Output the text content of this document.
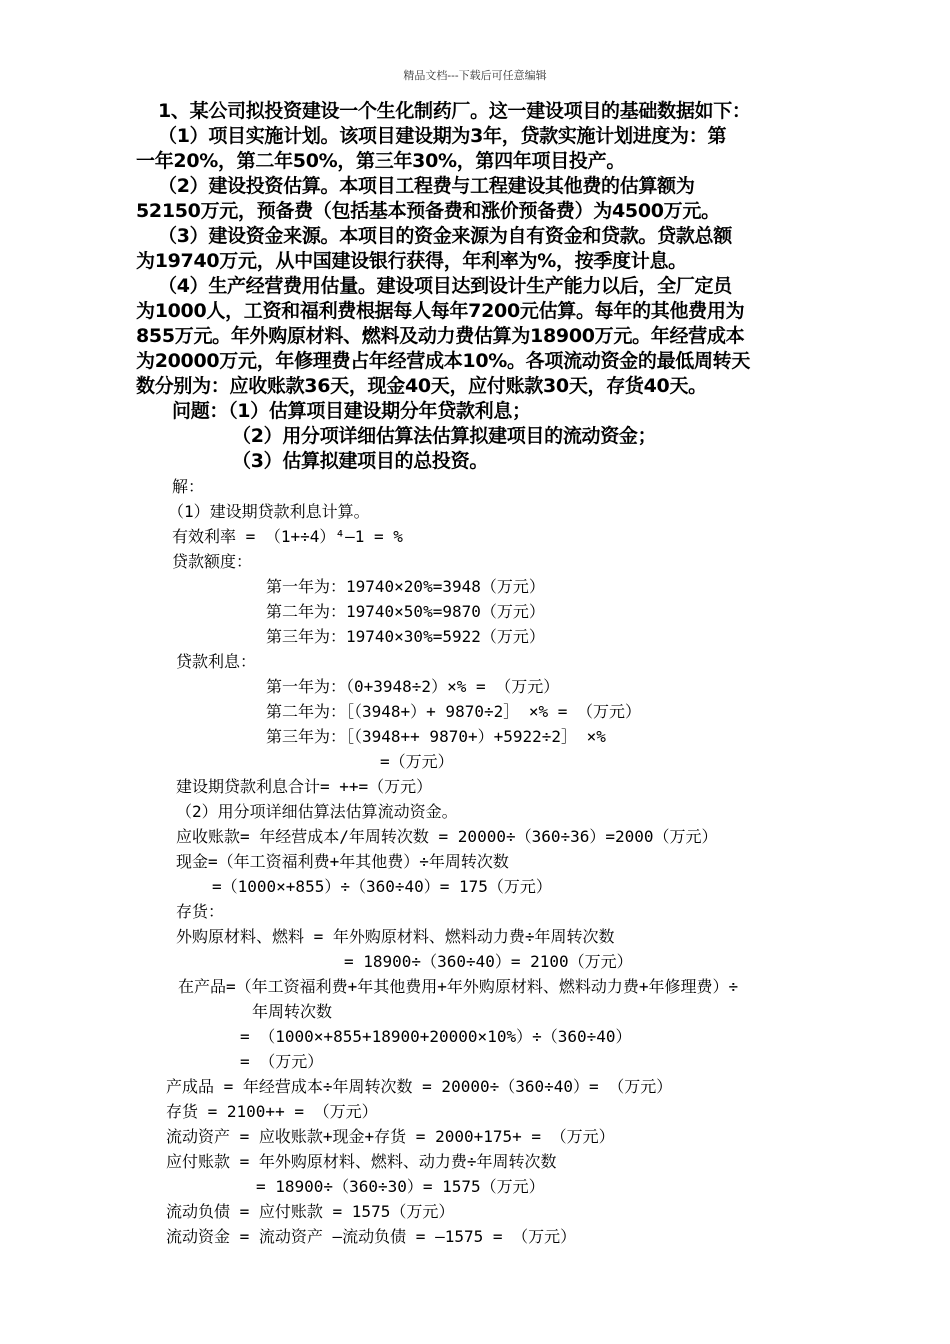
精品文档---下载后可任意编辑
1、某公司拟投资建设一个生化制药厂。这一建设项目的基础数据如下：
（1）项目实施计划。该项目建设期为3年，贷款实施计划进度为：第
一年20%，第二年50%，第三年30%，第四年项目投产。
（2）建设投资估算。本项目工程费与工程建设其他费的估算额为
52150万元，预备费（包括基本预备费和涨价预备费）为4500万元。
（3）建设资金来源。本项目的资金来源为自有资金和贷款。贷款总额
为19740万元，从中国建设银行获得，年利率为%，按季度计息。
（4）生产经营费用估量。建设项目达到设计生产能力以后，全厂定员
为1000人，工资和福利费根据每人每年7200元估算。每年的其他费用为
855万元。年外购原材料、燃料及动力费估算为18900万元。年经营成本
为20000万元，年修理费占年经营成本10%。各项流动资金的最低周转天
数分别为：应收账款36天，现金40天，应付账款30天，存货40天。
问题：（1）估算项目建设期分年贷款利息；
（2）用分项详细估算法估算拟建项目的流动资金；
（3）估算拟建项目的总投资。
解：
（1）建设期贷款利息计算。
有效利率 = （1+÷4）⁴—1 = %
贷款额度：
第一年为：19740×20%=3948（万元）
第二年为：19740×50%=9870（万元）
第三年为：19740×30%=5922（万元）
贷款利息：
第一年为：（0+3948÷2）×% = （万元）
第二年为：［（3948+）+ 9870÷2］ ×% = （万元）
第三年为：［（3948++ 9870+）+5922÷2］ ×%
=（万元）
建设期贷款利息合计= ++=（万元）
（2）用分项详细估算法估算流动资金。
应收账款= 年经营成本/年周转次数 = 20000÷（360÷36）=2000（万元）
现金=（年工资福利费+年其他费）÷年周转次数
=（1000×+855）÷（360÷40）= 175（万元）
存货：
外购原材料、燃料 = 年外购原材料、燃料动力费÷年周转次数
= 18900÷（360÷40）= 2100（万元）
在产品=（年工资福利费+年其他费用+年外购原材料、燃料动力费+年修理费）÷
年周转次数
= （1000×+855+18900+20000×10%）÷（360÷40）
= （万元）
产成品 = 年经营成本÷年周转次数 = 20000÷（360÷40）= （万元）
存货 = 2100++ = （万元）
流动资产 = 应收账款+现金+存货 = 2000+175+ = （万元）
应付账款 = 年外购原材料、燃料、动力费÷年周转次数
= 18900÷（360÷30）= 1575（万元）
流动负债 = 应付账款 = 1575（万元）
流动资金 = 流动资产 —流动负债 = —1575 = （万元）
